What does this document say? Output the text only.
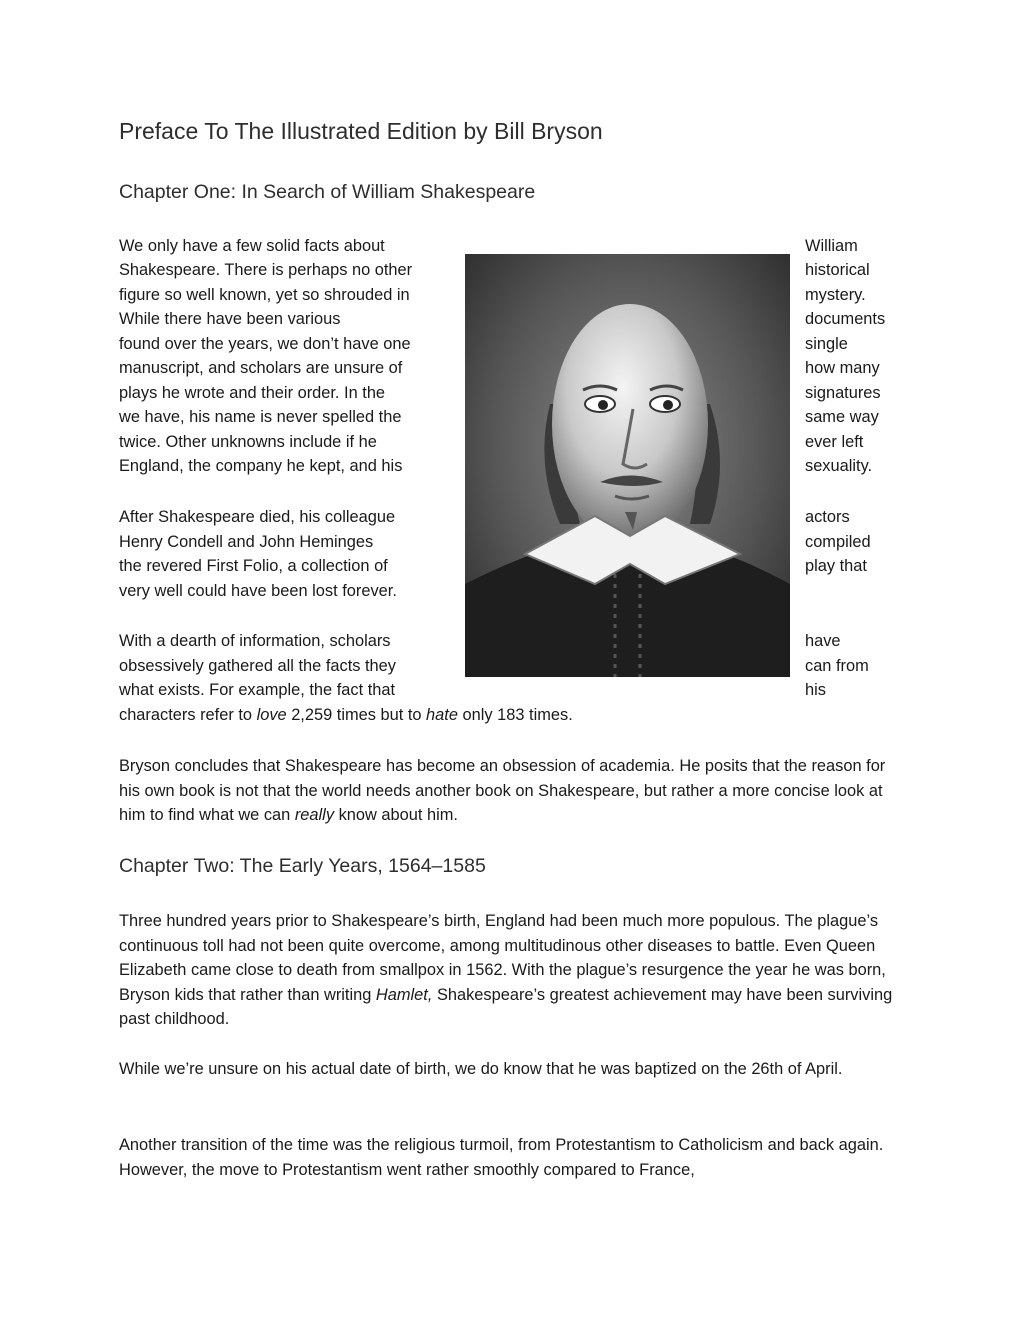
Preface To The Illustrated Edition by Bill Bryson
Chapter One: In Search of William Shakespeare
We only have a few solid facts about
Shakespeare. There is perhaps no other
figure so well known, yet so shrouded in
While there have been various
found over the years, we don’t have one
manuscript, and scholars are unsure of
plays he wrote and their order. In the
we have, his name is never spelled the
twice. Other unknowns include if he
England, the company he kept, and his
William
historical
mystery.
documents
single
how many
signatures
same way
ever left
sexuality.
After Shakespeare died, his colleague
Henry Condell and John Heminges
the revered First Folio, a collection of
very well could have been lost forever.
actors
compiled
play that
With a dearth of information, scholars
obsessively gathered all the facts they
what exists. For example, the fact that
have
can from
his
characters refer to love 2,259 times but to hate only 183 times.

Bryson concludes that Shakespeare has become an obsession of academia. He posits that the reason for his own book is not that the world needs another book on Shakespeare, but rather a more concise look at him to find what we can really know about him.

Chapter Two: The Early Years, 1564–1585

Three hundred years prior to Shakespeare’s birth, England had been much more populous. The plague’s continuous toll had not been quite overcome, among multitudinous other diseases to battle. Even Queen Elizabeth came close to death from smallpox in 1562. With the plague’s resurgence the year he was born, Bryson kids that rather than writing Hamlet, Shakespeare’s greatest achievement may have been surviving past childhood.

While we’re unsure on his actual date of birth, we do know that he was baptized on the 26th of April.

Another transition of the time was the religious turmoil, from Protestantism to Catholicism and back again. However, the move to Protestantism went rather smoothly compared to France,
